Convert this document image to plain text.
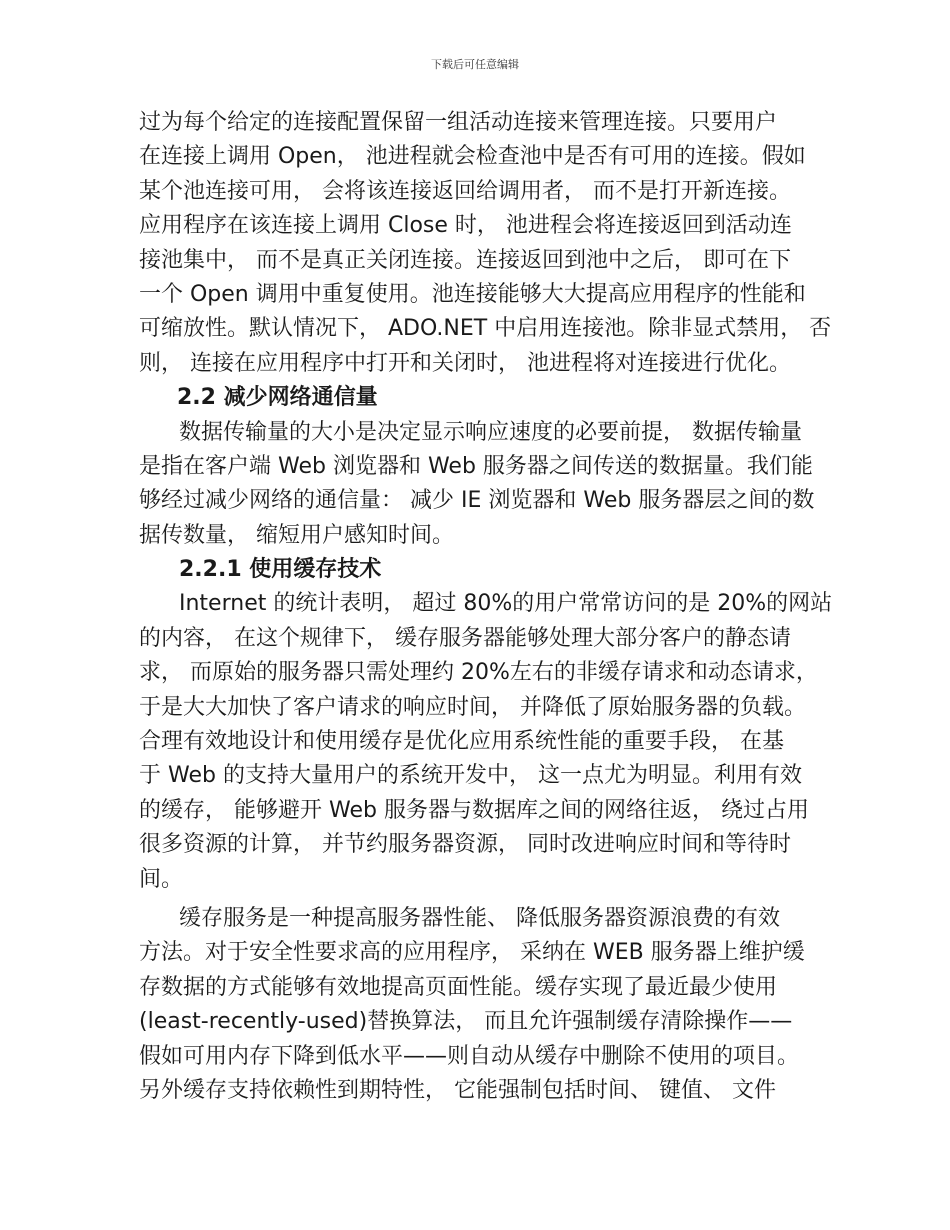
下载后可任意编辑
过为每个给定的连接配置保留一组活动连接来管理连接。只要用户
在连接上调用 Open， 池进程就会检查池中是否有可用的连接。假如
某个池连接可用， 会将该连接返回给调用者， 而不是打开新连接。
应用程序在该连接上调用 Close 时， 池进程会将连接返回到活动连
接池集中， 而不是真正关闭连接。连接返回到池中之后， 即可在下
一个 Open 调用中重复使用。池连接能够大大提高应用程序的性能和
可缩放性。默认情况下， ADO.NET 中启用连接池。除非显式禁用， 否
则， 连接在应用程序中打开和关闭时， 池进程将对连接进行优化。
2.2 减少网络通信量
数据传输量的大小是决定显示响应速度的必要前提， 数据传输量
是指在客户端 Web 浏览器和 Web 服务器之间传送的数据量。我们能
够经过减少网络的通信量： 减少 IE 浏览器和 Web 服务器层之间的数
据传数量， 缩短用户感知时间。
2.2.1 使用缓存技术
Internet 的统计表明， 超过 80%的用户常常访问的是 20%的网站
的内容， 在这个规律下， 缓存服务器能够处理大部分客户的静态请
求， 而原始的服务器只需处理约 20%左右的非缓存请求和动态请求，
于是大大加快了客户请求的响应时间， 并降低了原始服务器的负载。
合理有效地设计和使用缓存是优化应用系统性能的重要手段， 在基
于 Web 的支持大量用户的系统开发中， 这一点尤为明显。利用有效
的缓存， 能够避开 Web 服务器与数据库之间的网络往返， 绕过占用
很多资源的计算， 并节约服务器资源， 同时改进响应时间和等待时
间。
缓存服务是一种提高服务器性能、 降低服务器资源浪费的有效
方法。对于安全性要求高的应用程序， 采纳在 WEB 服务器上维护缓
存数据的方式能够有效地提高页面性能。缓存实现了最近最少使用
(least-recently-used)替换算法， 而且允许强制缓存清除操作——
假如可用内存下降到低水平——则自动从缓存中删除不使用的项目。
另外缓存支持依赖性到期特性， 它能强制包括时间、 键值、 文件
